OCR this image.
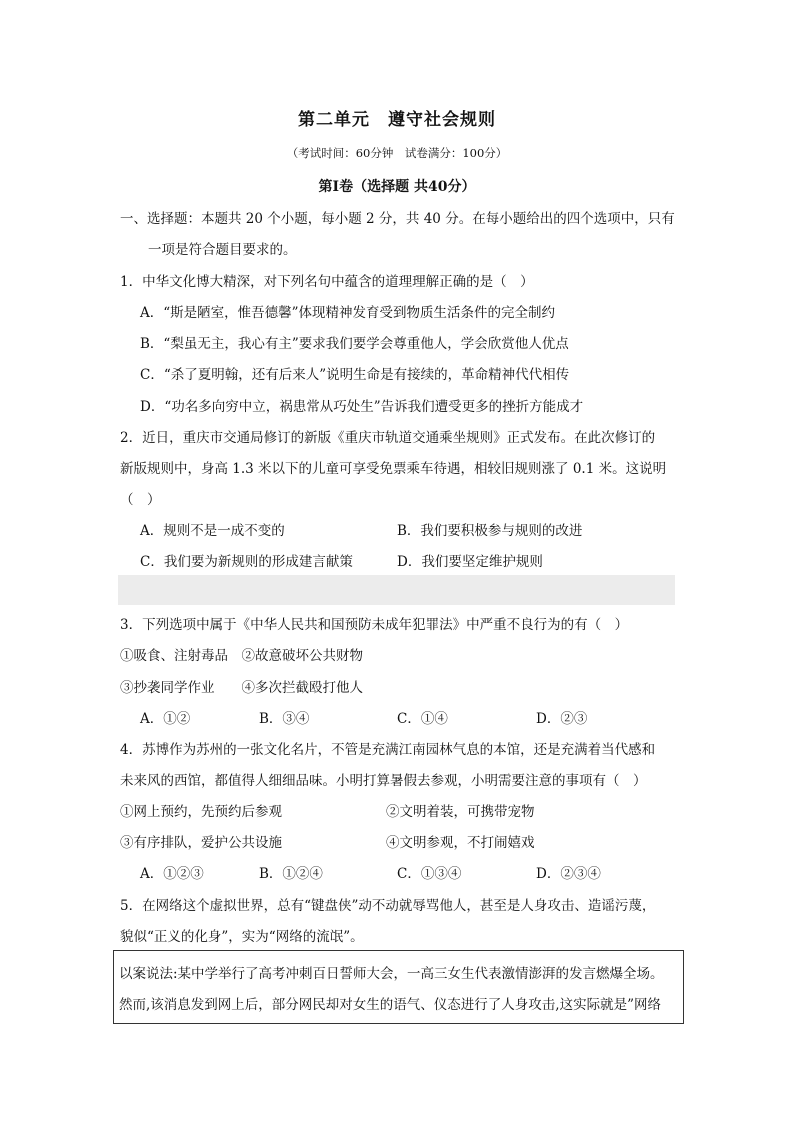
第二单元　遵守社会规则
（考试时间：60分钟　试卷满分：100分）
第Ⅰ卷（选择题 共40分）
一、选择题：本题共 20 个小题，每小题 2 分，共 40 分。在每小题给出的四个选项中，只有
一项是符合题目要求的。
1．中华文化博大精深，对下列名句中蕴含的道理理解正确的是（　）
A．“斯是陋室，惟吾德馨”体现精神发育受到物质生活条件的完全制约
B．“梨虽无主，我心有主”要求我们要学会尊重他人，学会欣赏他人优点
C．“杀了夏明翰，还有后来人”说明生命是有接续的，革命精神代代相传
D．“功名多向穷中立，祸患常从巧处生”告诉我们遭受更多的挫折方能成才
2．近日，重庆市交通局修订的新版《重庆市轨道交通乘坐规则》正式发布。在此次修订的
新版规则中，身高 1.3 米以下的儿童可享受免票乘车待遇，相较旧规则涨了 0.1 米。这说明
（　）
A．规则不是一成不变的	B．我们要积极参与规则的改进
C．我们要为新规则的形成建言献策	D．我们要坚定维护规则
3．下列选项中属于《中华人民共和国预防未成年犯罪法》中严重不良行为的有（　）
①吸食、注射毒品　②故意破坏公共财物
③抄袭同学作业　　④多次拦截殴打他人
A．①②	B．③④	C．①④	D．②③
4．苏博作为苏州的一张文化名片，不管是充满江南园林气息的本馆，还是充满着当代感和
未来风的西馆，都值得人细细品味。小明打算暑假去参观，小明需要注意的事项有（　）
①网上预约，先预约后参观	②文明着装，可携带宠物
③有序排队，爱护公共设施	④文明参观，不打闹嬉戏
A．①②③	B．①②④	C．①③④	D．②③④
5．在网络这个虚拟世界，总有“键盘侠”动不动就辱骂他人，甚至是人身攻击、造谣污蔑，
貌似“正义的化身”，实为“网络的流氓”。
以案说法:某中学举行了高考冲刺百日誓师大会，一高三女生代表激情澎湃的发言燃爆全场。
然而,该消息发到网上后，部分网民却对女生的语气、仪态进行了人身攻击,这实际就是”网络
